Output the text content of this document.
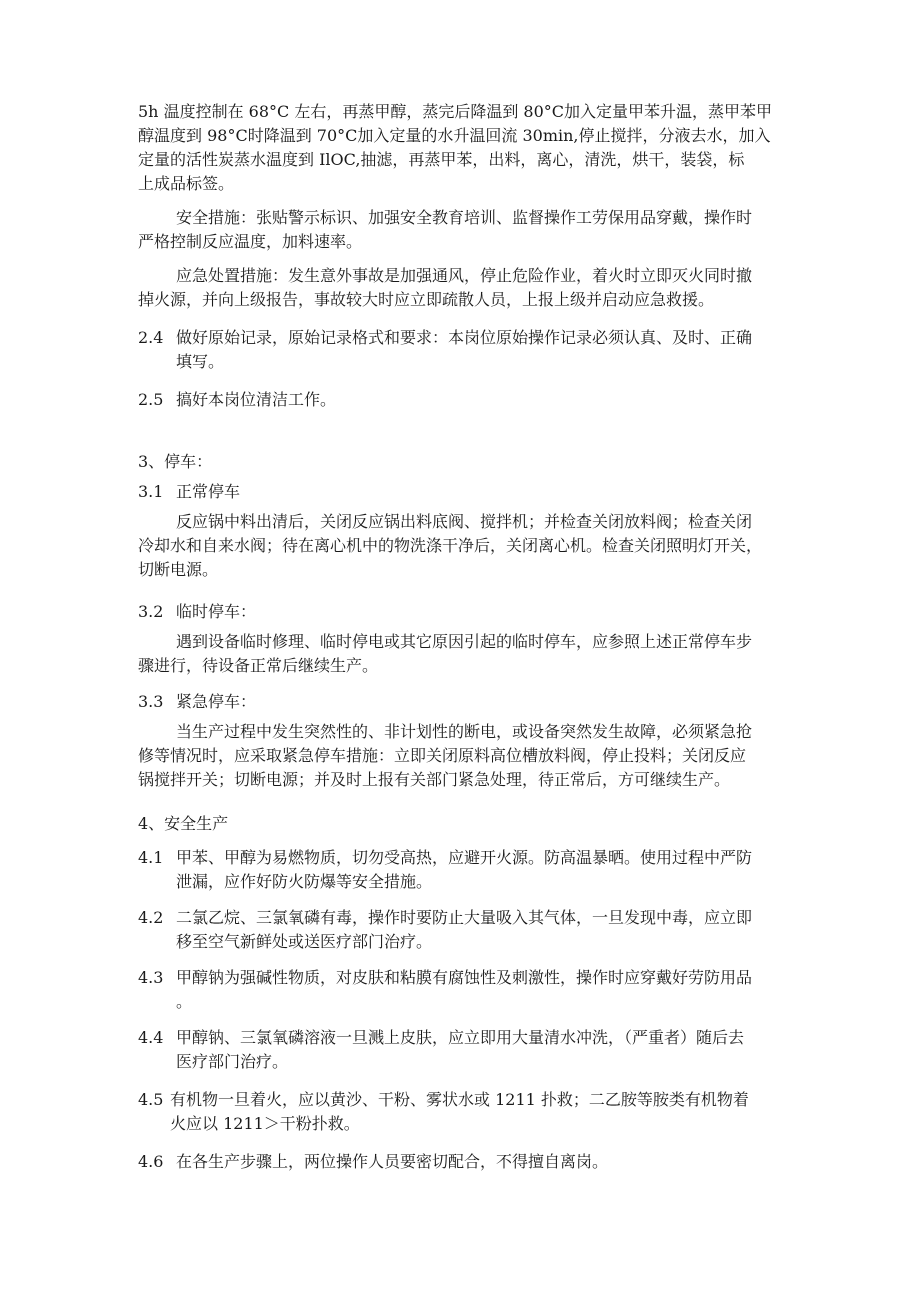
5h 温度控制在 68°C 左右，再蒸甲醇，蒸完后降温到 80°C加入定量甲苯升温，蒸甲苯甲
醇温度到 98°C时降温到 70°C加入定量的水升温回流 30min,停止搅拌，分液去水，加入
定量的活性炭蒸水温度到 IlOC,抽滤，再蒸甲苯，出料，离心，清洗，烘干，装袋，标
上成品标签。
安全措施：张贴警示标识、加强安全教育培训、监督操作工劳保用品穿戴，操作时
严格控制反应温度，加料速率。
应急处置措施：发生意外事故是加强通风，停止危险作业，着火时立即灭火同时撤
掉火源，并向上级报告，事故较大时应立即疏散人员，上报上级并启动应急救援。
2.4 做好原始记录，原始记录格式和要求：本岗位原始操作记录必须认真、及时、正确
填写。
2.5 搞好本岗位清洁工作。
3、停车：
3.1 正常停车
反应锅中料出清后，关闭反应锅出料底阀、搅拌机；并检查关闭放料阀；检查关闭
冷却水和自来水阀；待在离心机中的物洗涤干净后，关闭离心机。检查关闭照明灯开关，
切断电源。
3.2 临时停车：
遇到设备临时修理、临时停电或其它原因引起的临时停车，应参照上述正常停车步
骤进行，待设备正常后继续生产。
3.3 紧急停车：
当生产过程中发生突然性的、非计划性的断电，或设备突然发生故障，必须紧急抢
修等情况时，应采取紧急停车措施：立即关闭原料高位槽放料阀，停止投料；关闭反应
锅搅拌开关；切断电源；并及时上报有关部门紧急处理，待正常后，方可继续生产。
4、安全生产
4.1 甲苯、甲醇为易燃物质，切勿受高热，应避开火源。防高温暴晒。使用过程中严防
泄漏，应作好防火防爆等安全措施。
4.2 二氯乙烷、三氯氧磷有毒，操作时要防止大量吸入其气体，一旦发现中毒，应立即
移至空气新鲜处或送医疗部门治疗。
4.3 甲醇钠为强碱性物质，对皮肤和粘膜有腐蚀性及刺激性，操作时应穿戴好劳防用品
。
4.4 甲醇钠、三氯氧磷溶液一旦溅上皮肤，应立即用大量清水冲洗，（严重者）随后去
医疗部门治疗。
4.5 有机物一旦着火，应以黄沙、干粉、雾状水或 1211 扑救；二乙胺等胺类有机物着
火应以 1211＞干粉扑救。
4.6 在各生产步骤上，两位操作人员要密切配合，不得擅自离岗。
